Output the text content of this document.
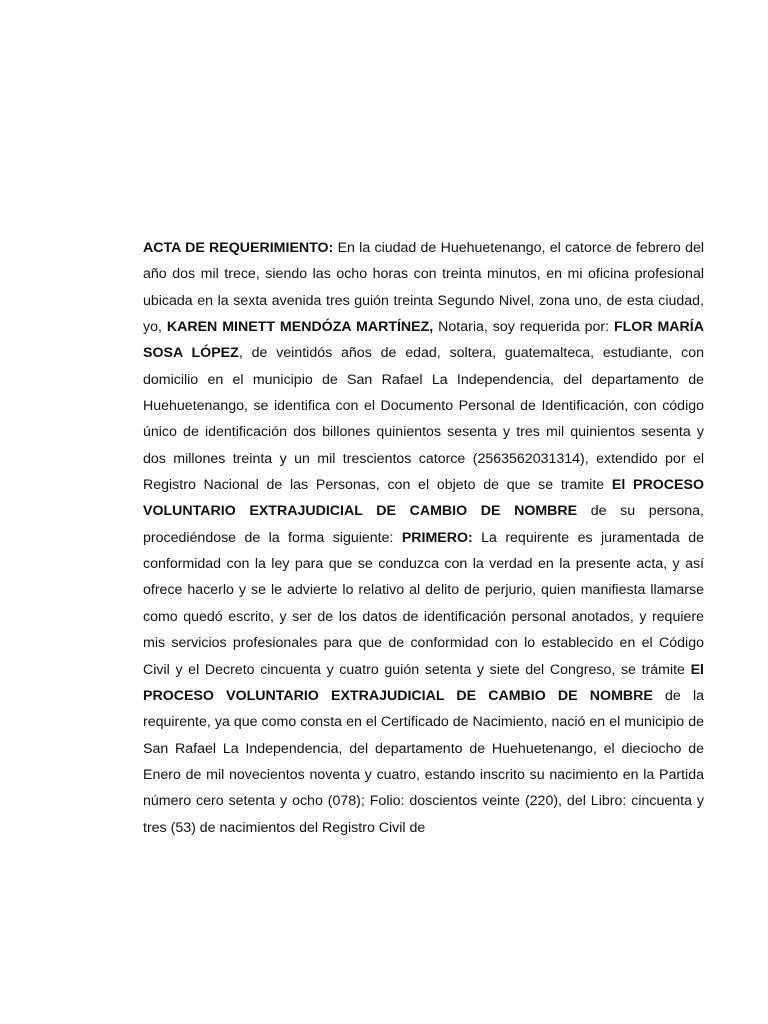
ACTA DE REQUERIMIENTO: En la ciudad de Huehuetenango, el catorce de febrero del año dos mil trece, siendo las ocho horas con treinta minutos, en mi oficina profesional ubicada en la sexta avenida tres guión treinta Segundo Nivel, zona uno, de esta ciudad, yo, KAREN MINETT MENDÓZA MARTÍNEZ, Notaria, soy requerida por: FLOR MARÍA SOSA LÓPEZ, de veintidós años de edad, soltera, guatemalteca, estudiante, con domicilio en el municipio de San Rafael La Independencia, del departamento de Huehuetenango, se identifica con el Documento Personal de Identificación, con código único de identificación dos billones quinientos sesenta y tres mil quinientos sesenta y dos millones treinta y un mil trescientos catorce (2563562031314), extendido por el Registro Nacional de las Personas, con el objeto de que se tramite El PROCESO VOLUNTARIO EXTRAJUDICIAL DE CAMBIO DE NOMBRE de su persona, procediéndose de la forma siguiente: PRIMERO: La requirente es juramentada de conformidad con la ley para que se conduzca con la verdad en la presente acta, y así ofrece hacerlo y se le advierte lo relativo al delito de perjurio, quien manifiesta llamarse como quedó escrito, y ser de los datos de identificación personal anotados, y requiere mis servicios profesionales para que de conformidad con lo establecido en el Código Civil y el Decreto cincuenta y cuatro guión setenta y siete del Congreso, se trámite El PROCESO VOLUNTARIO EXTRAJUDICIAL DE CAMBIO DE NOMBRE de la requirente, ya que como consta en el Certificado de Nacimiento, nació en el municipio de San Rafael La Independencia, del departamento de Huehuetenango, el dieciocho de Enero de mil novecientos noventa y cuatro, estando inscrito su nacimiento en la Partida número cero setenta y ocho (078); Folio: doscientos veinte (220), del Libro: cincuenta y tres (53) de nacimientos del Registro Civil de
